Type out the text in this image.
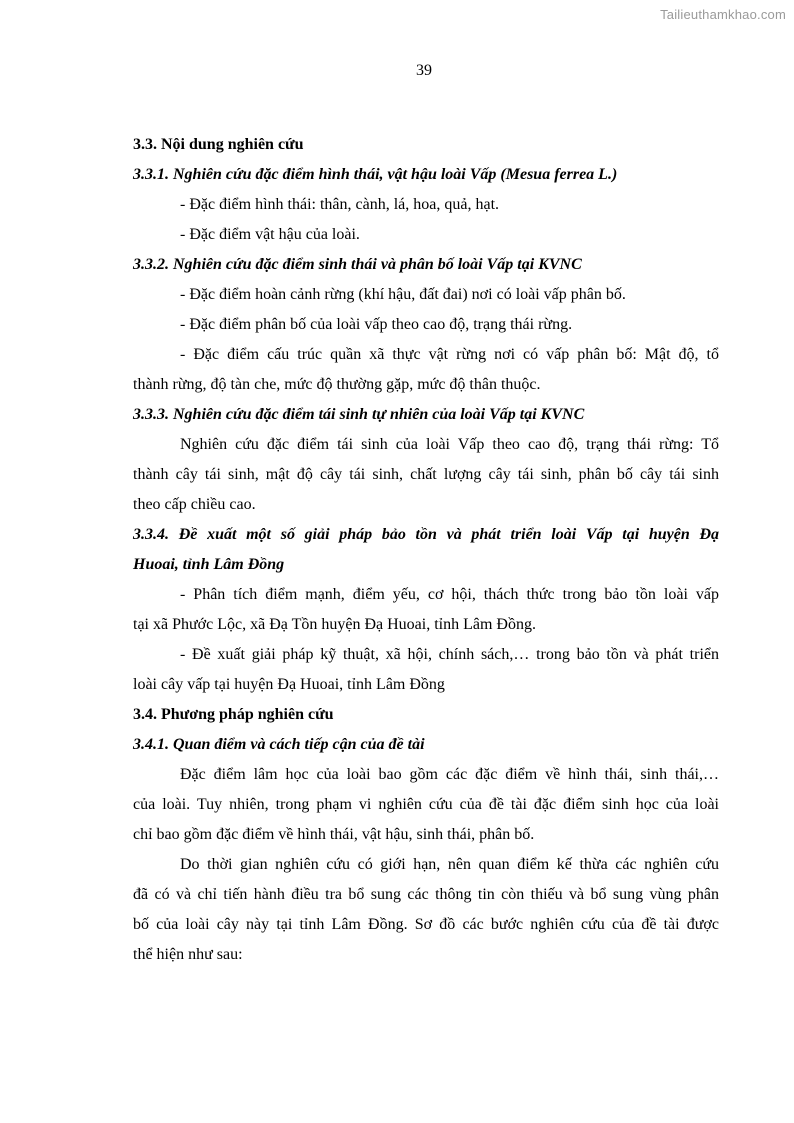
Tailieuthamkhao.com
39

3.3. Nội dung nghiên cứu

3.3.1. Nghiên cứu đặc điểm hình thái, vật hậu loài Vấp (Mesua ferrea L.)

- Đặc điểm hình thái: thân, cành, lá, hoa, quả, hạt.

- Đặc điểm vật hậu của loài.

3.3.2. Nghiên cứu đặc điểm sinh thái và phân bố loài Vấp tại KVNC

- Đặc điểm hoàn cảnh rừng (khí hậu, đất đai) nơi có loài vấp phân bố.

- Đặc điểm phân bố của loài vấp theo cao độ, trạng thái rừng.

- Đặc điểm cấu trúc quần xã thực vật rừng nơi có vấp phân bố: Mật độ, tổ

thành rừng, độ tàn che, mức độ thường gặp, mức độ thân thuộc.

3.3.3. Nghiên cứu đặc điểm tái sinh tự nhiên của loài Vấp tại KVNC

Nghiên cứu đặc điểm tái sinh của loài Vấp theo cao độ, trạng thái rừng: Tổ

thành cây tái sinh, mật độ cây tái sinh, chất lượng cây tái sinh, phân bố cây tái sinh

theo cấp chiều cao.

3.3.4. Đề xuất một số giải pháp bảo tồn và phát triển loài Vấp tại huyện Đạ

Huoai, tỉnh Lâm Đồng

- Phân tích điểm mạnh, điểm yếu, cơ hội, thách thức trong bảo tồn loài vấp

tại xã Phước Lộc, xã Đạ Tồn huyện Đạ Huoai, tỉnh Lâm Đồng.

- Đề xuất giải pháp kỹ thuật, xã hội, chính sách,… trong bảo tồn và phát triển

loài cây vấp tại huyện Đạ Huoai, tỉnh Lâm Đồng

3.4. Phương pháp nghiên cứu

3.4.1. Quan điểm và cách tiếp cận của đề tài

Đặc điểm lâm học của loài bao gồm các đặc điểm về hình thái, sinh thái,…

của loài. Tuy nhiên, trong phạm vi nghiên cứu của đề tài đặc điểm sinh học của loài

chỉ bao gồm đặc điểm về hình thái, vật hậu, sinh thái, phân bố.

Do thời gian nghiên cứu có giới hạn, nên quan điểm kế thừa các nghiên cứu

đã có và chỉ tiến hành điều tra bổ sung các thông tin còn thiếu và bổ sung vùng phân

bố của loài cây này tại tỉnh Lâm Đồng. Sơ đồ các bước nghiên cứu của đề tài được

thể hiện như sau:
